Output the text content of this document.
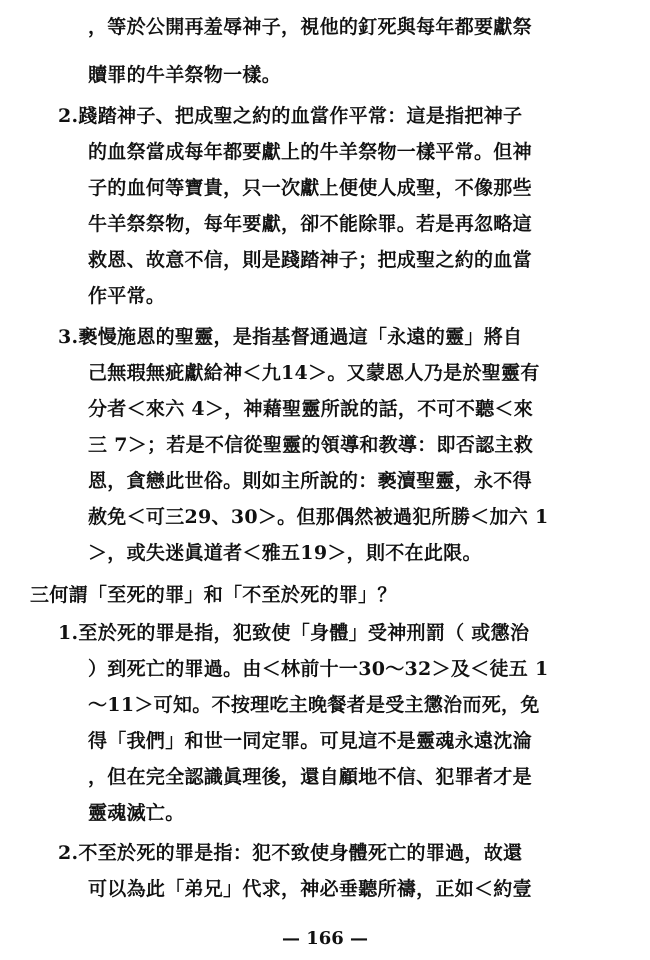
，等於公開再羞辱神子，視他的釘死與每年都要獻祭
贖罪的牛羊祭物一樣。
2.踐踏神子、把成聖之約的血當作平常：這是指把神子
的血祭當成每年都要獻上的牛羊祭物一樣平常。但神
子的血何等寶貴，只一次獻上便使人成聖，不像那些
牛羊祭祭物，每年要獻，卻不能除罪。若是再忽略這
救恩、故意不信，則是踐踏神子；把成聖之約的血當
作平常。
3.褻慢施恩的聖靈，是指基督通過這「永遠的靈」將自
己無瑕無疵獻給神＜九14＞。又蒙恩人乃是於聖靈有
分者＜來六 4＞，神藉聖靈所說的話，不可不聽＜來
三 7＞；若是不信從聖靈的領導和教導：即否認主救
恩，貪戀此世俗。則如主所說的：褻瀆聖靈，永不得
赦免＜可三29、30＞。但那偶然被過犯所勝＜加六 1
＞，或失迷眞道者＜雅五19＞，則不在此限。
三何謂「至死的罪」和「不至於死的罪」？
1.至於死的罪是指，犯致使「身體」受神刑罰（ 或懲治
）到死亡的罪過。由＜林前十一30～32＞及＜徒五 1
～11＞可知。不按理吃主晚餐者是受主懲治而死，免
得「我們」和世一同定罪。可見這不是靈魂永遠沈淪
，但在完全認識眞理後，還自顧地不信、犯罪者才是
靈魂滅亡。
2.不至於死的罪是指：犯不致使身體死亡的罪過，故還
可以為此「弟兄」代求，神必垂聽所禱，正如＜約壹
— 166 —
